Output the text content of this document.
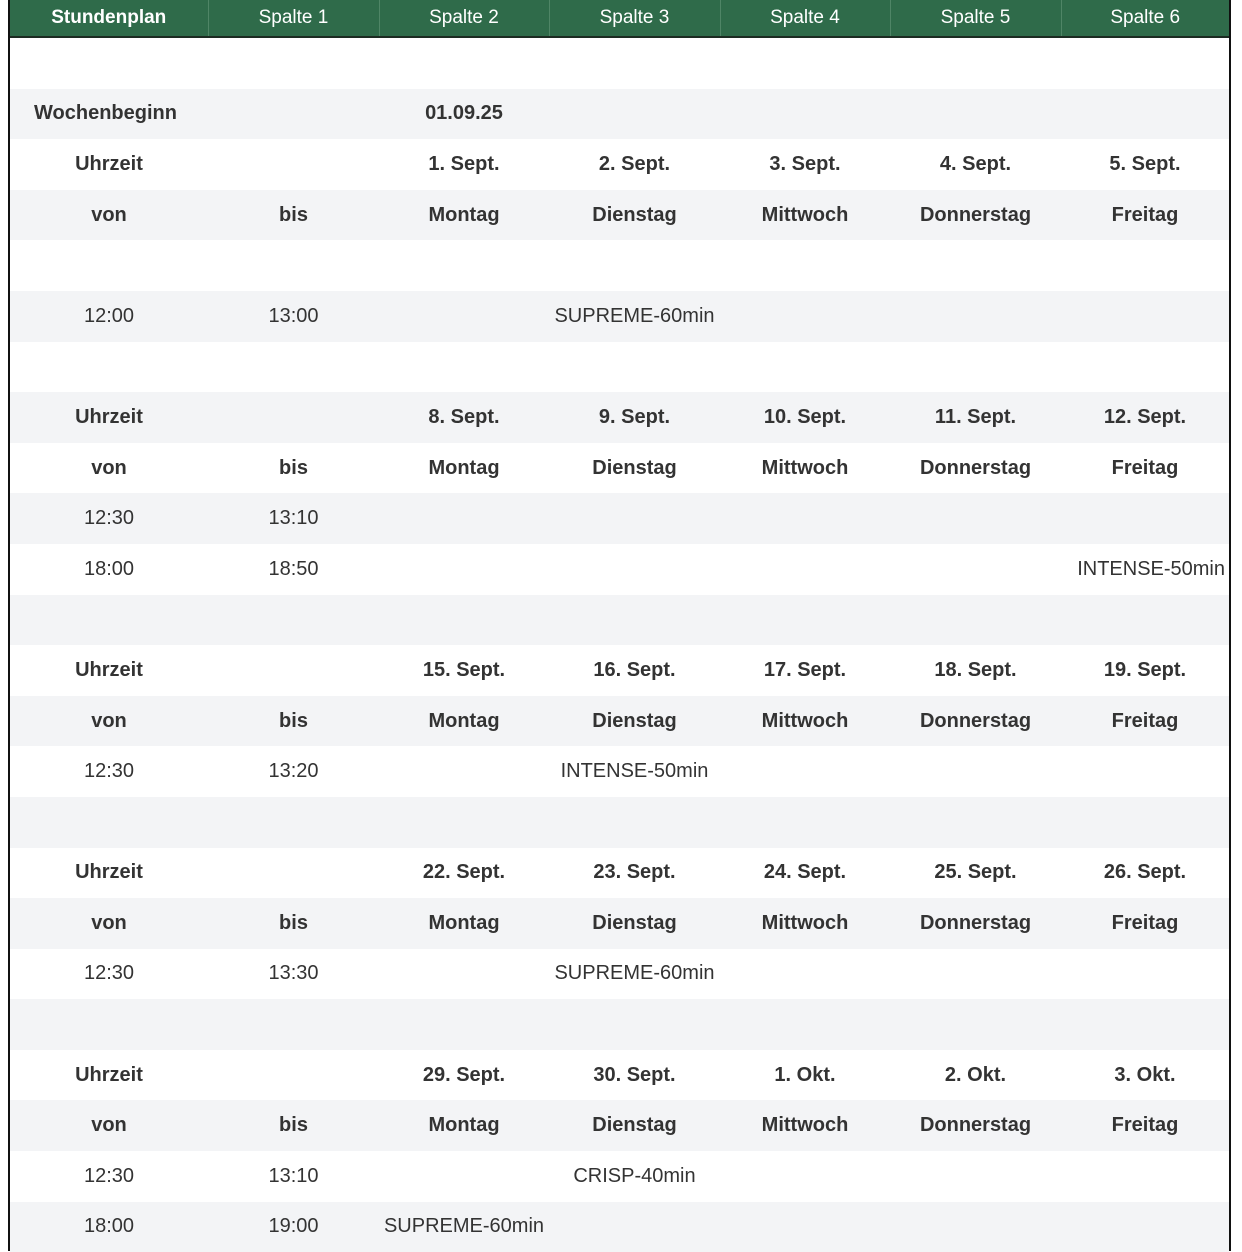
Stundenplan	Spalte 1	Spalte 2	Spalte 3	Spalte 4	Spalte 5	Spalte 6

Wochenbeginn		01.09.25				
Uhrzeit		1. Sept.	2. Sept.	3. Sept.	4. Sept.	5. Sept.
von	bis	Montag	Dienstag	Mittwoch	Donnerstag	Freitag

12:00	13:00		SUPREME-60min			

Uhrzeit		8. Sept.	9. Sept.	10. Sept.	11. Sept.	12. Sept.
von	bis	Montag	Dienstag	Mittwoch	Donnerstag	Freitag
12:30	13:10					
18:00	18:50					INTENSE-50min

Uhrzeit		15. Sept.	16. Sept.	17. Sept.	18. Sept.	19. Sept.
von	bis	Montag	Dienstag	Mittwoch	Donnerstag	Freitag
12:30	13:20		INTENSE-50min			

Uhrzeit		22. Sept.	23. Sept.	24. Sept.	25. Sept.	26. Sept.
von	bis	Montag	Dienstag	Mittwoch	Donnerstag	Freitag
12:30	13:30		SUPREME-60min			

Uhrzeit		29. Sept.	30. Sept.	1. Okt.	2. Okt.	3. Okt.
von	bis	Montag	Dienstag	Mittwoch	Donnerstag	Freitag
12:30	13:10		CRISP-40min			
18:00	19:00	SUPREME-60min				
